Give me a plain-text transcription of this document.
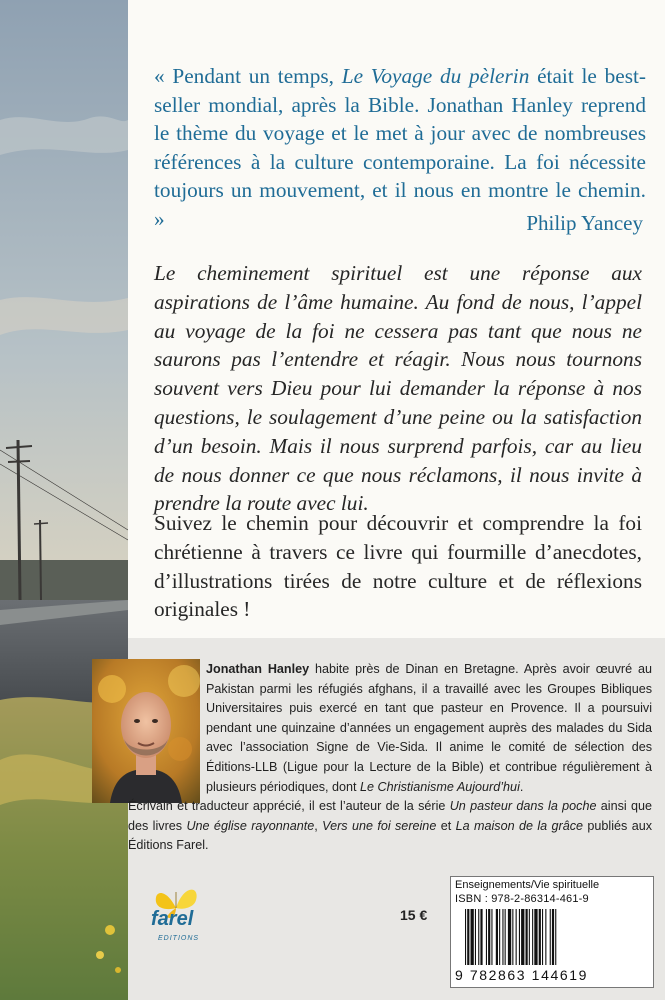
« Pendant un temps, Le Voyage du pèlerin était le best-seller mondial, après la Bible. Jonathan Hanley reprend le thème du voyage et le met à jour avec de nombreuses références à la culture contemporaine. La foi nécessite toujours un mouvement, et il nous en montre le chemin. »	Philip Yancey
Le cheminement spirituel est une réponse aux aspirations de l’âme humaine. Au fond de nous, l’appel au voyage de la foi ne cessera pas tant que nous ne saurons pas l’entendre et réagir. Nous nous tournons souvent vers Dieu pour lui demander la réponse à nos questions, le soulagement d’une peine ou la satisfaction d’un besoin. Mais il nous surprend parfois, car au lieu de nous donner ce que nous réclamons, il nous invite à prendre la route avec lui.
Suivez le chemin pour découvrir et comprendre la foi chrétienne à travers ce livre qui fourmille d’anecdotes, d’illustrations tirées de notre culture et de réflexions originales !
Jonathan Hanley habite près de Dinan en Bretagne. Après avoir œuvré au Pakistan parmi les réfugiés afghans, il a travaillé avec les Groupes Bibliques Universitaires puis exercé en tant que pasteur en Provence. Il a poursuivi pendant une quinzaine d’années un engagement auprès des malades du Sida avec l’association Signe de Vie-Sida. Il anime le comité de sélection des Éditions-LLB (Ligue pour la Lecture de la Bible) et contribue régulièrement à plusieurs périodiques, dont Le Christianisme Aujourd’hui.
Écrivain et traducteur apprécié, il est l’auteur de la série Un pasteur dans la poche ainsi que des livres Une église rayonnante, Vers une foi sereine et La maison de la grâce publiés aux Éditions Farel.
farel
EDITIONS
15 €
Enseignements/Vie spirituelle
ISBN : 978-2-86314-461-9
9 782863 144619
